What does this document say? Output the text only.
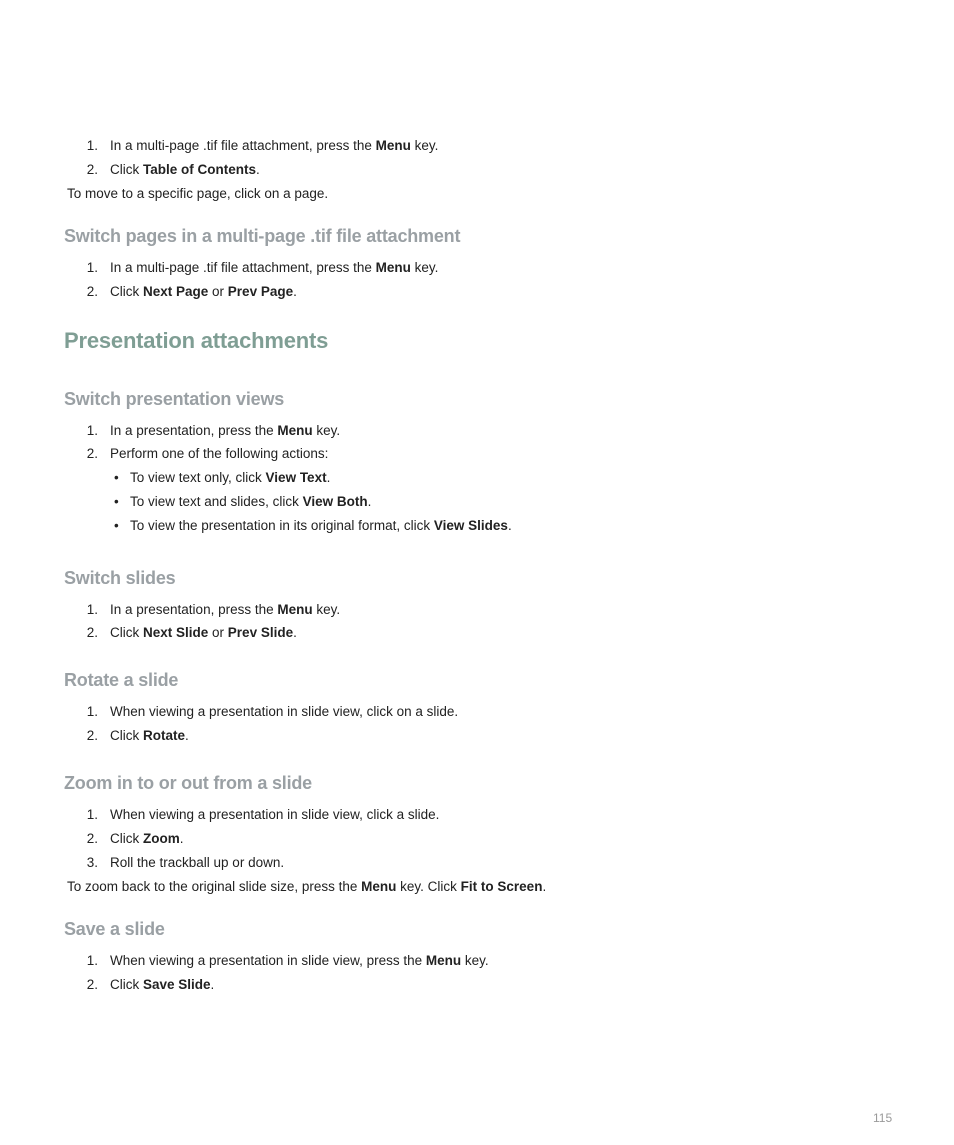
1. In a multi-page .tif file attachment, press the Menu key.
2. Click Table of Contents.
To move to a specific page, click on a page.
Switch pages in a multi-page .tif file attachment
1. In a multi-page .tif file attachment, press the Menu key.
2. Click Next Page or Prev Page.
Presentation attachments
Switch presentation views
1. In a presentation, press the Menu key.
2. Perform one of the following actions:
• To view text only, click View Text.
• To view text and slides, click View Both.
• To view the presentation in its original format, click View Slides.
Switch slides
1. In a presentation, press the Menu key.
2. Click Next Slide or Prev Slide.
Rotate a slide
1. When viewing a presentation in slide view, click on a slide.
2. Click Rotate.
Zoom in to or out from a slide
1. When viewing a presentation in slide view, click a slide.
2. Click Zoom.
3. Roll the trackball up or down.
To zoom back to the original slide size, press the Menu key. Click Fit to Screen.
Save a slide
1. When viewing a presentation in slide view, press the Menu key.
2. Click Save Slide.
115
